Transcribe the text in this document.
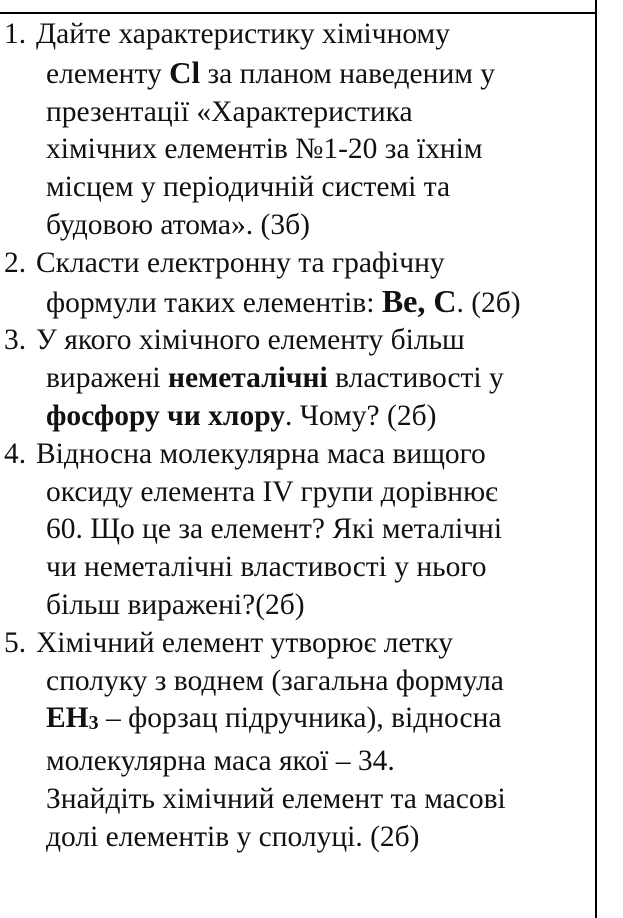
1. Дайте характеристику хімічному
елементу Cl за планом наведеним у
презентації «Характеристика
хімічних елементів №1-20 за їхнім
місцем у періодичній системі та
будовою атома». (3б)
2. Скласти електронну та графічну
формули таких елементів: Be, C. (2б)
3. У якого хімічного елементу більш
виражені неметалічні властивості у
фосфору чи хлору. Чому? (2б)
4. Відносна молекулярна маса вищого
оксиду елемента IV групи дорівнює
60. Що це за елемент? Які металічні
чи неметалічні властивості у нього
більш виражені?(2б)
5. Хімічний елемент утворює летку
сполуку з воднем (загальна формула
EH3 – форзац підручника), відносна
молекулярна маса якої – 34.
Знайдіть хімічний елемент та масові
долі елементів у сполуці. (2б)
